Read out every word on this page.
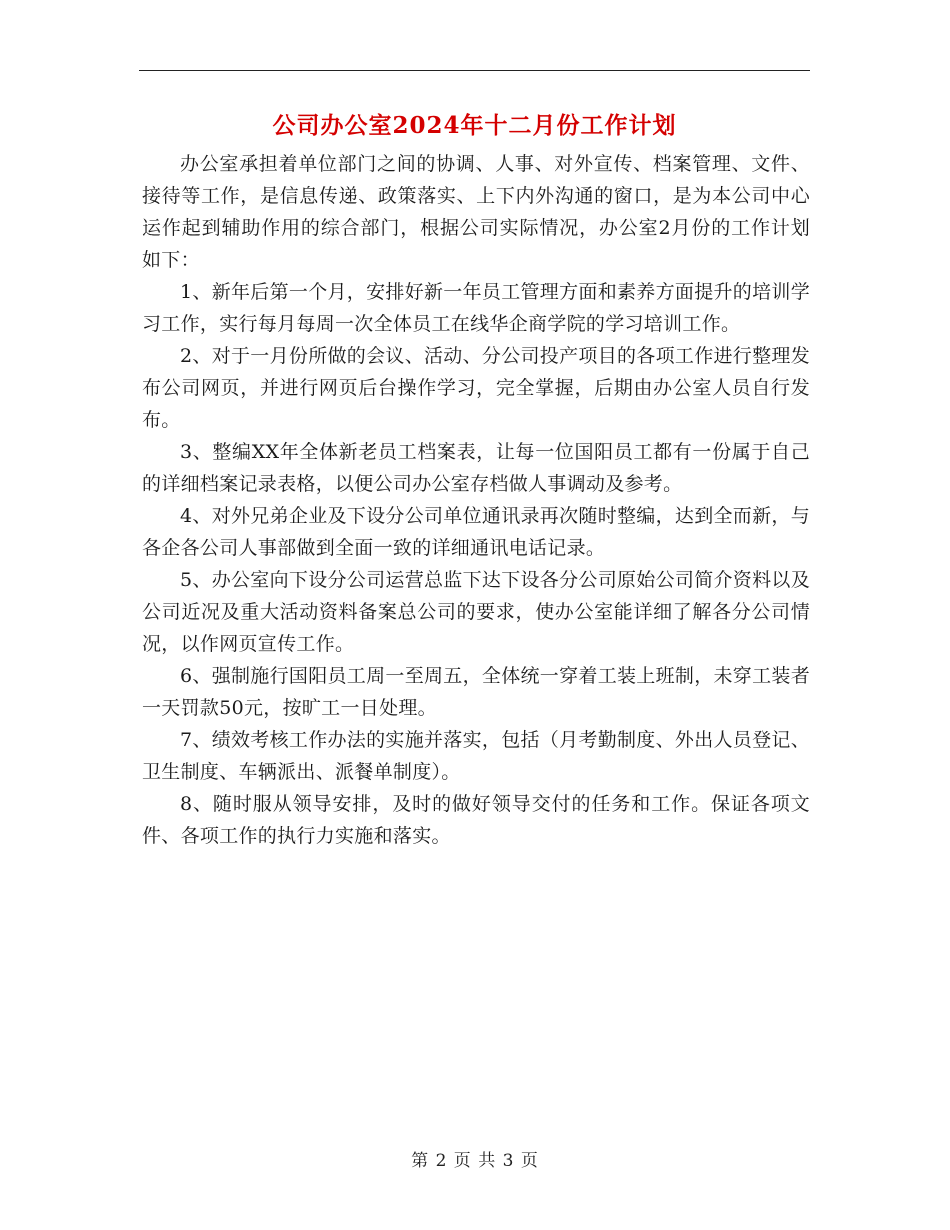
公司办公室2024年十二月份工作计划

办公室承担着单位部门之间的协调、人事、对外宣传、档案管理、文件、接待等工作，是信息传递、政策落实、上下内外沟通的窗口，是为本公司中心运作起到辅助作用的综合部门，根据公司实际情况，办公室2月份的工作计划如下：

1、新年后第一个月，安排好新一年员工管理方面和素养方面提升的培训学习工作，实行每月每周一次全体员工在线华企商学院的学习培训工作。

2、对于一月份所做的会议、活动、分公司投产项目的各项工作进行整理发布公司网页，并进行网页后台操作学习，完全掌握，后期由办公室人员自行发布。

3、整编XX年全体新老员工档案表，让每一位国阳员工都有一份属于自己的详细档案记录表格，以便公司办公室存档做人事调动及参考。

4、对外兄弟企业及下设分公司单位通讯录再次随时整编，达到全而新，与各企各公司人事部做到全面一致的详细通讯电话记录。

5、办公室向下设分公司运营总监下达下设各分公司原始公司简介资料以及公司近况及重大活动资料备案总公司的要求，使办公室能详细了解各分公司情况，以作网页宣传工作。

6、强制施行国阳员工周一至周五，全体统一穿着工装上班制，未穿工装者一天罚款50元，按旷工一日处理。

7、绩效考核工作办法的实施并落实，包括（月考勤制度、外出人员登记、卫生制度、车辆派出、派餐单制度）。

8、随时服从领导安排，及时的做好领导交付的任务和工作。保证各项文件、各项工作的执行力实施和落实。

第 2 页 共 3 页
